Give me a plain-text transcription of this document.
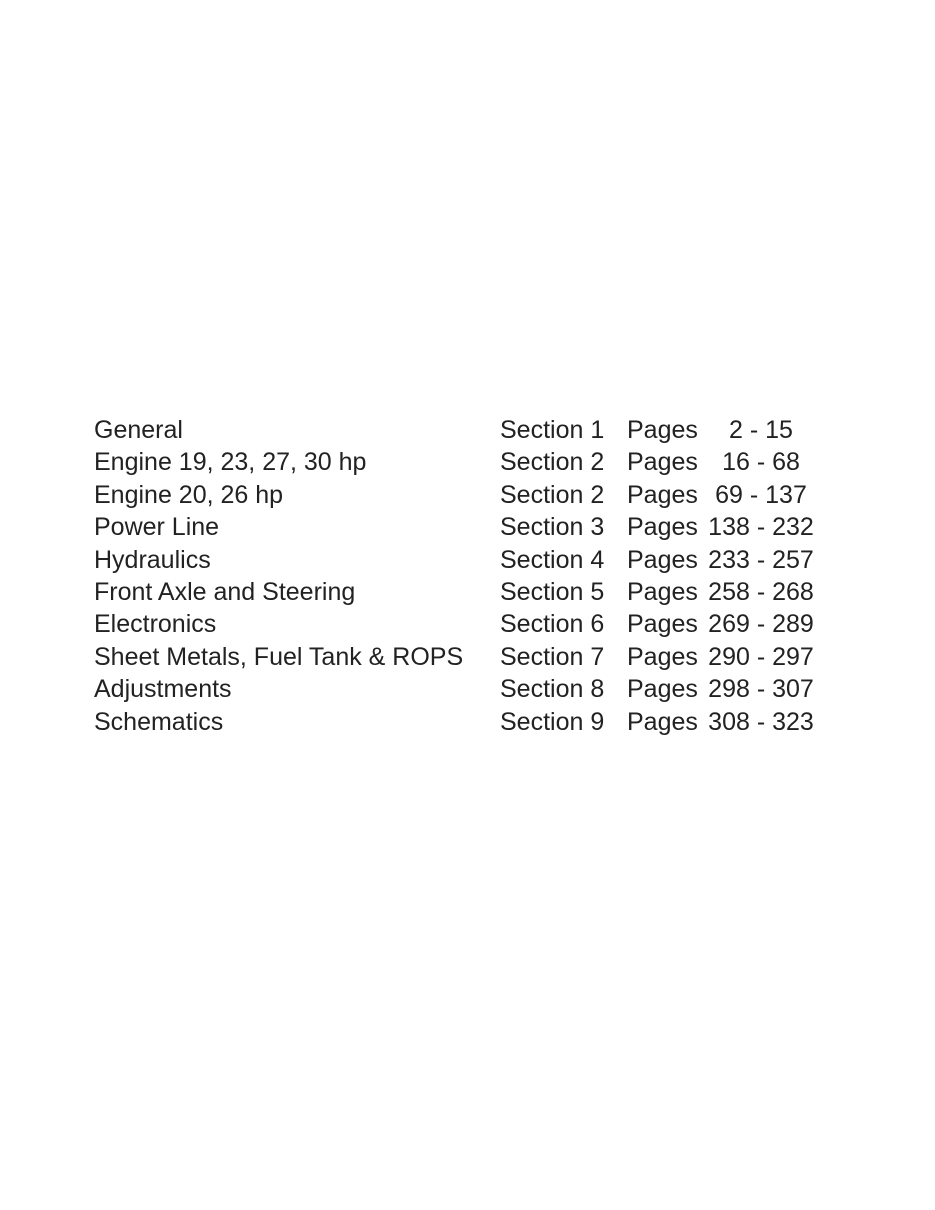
General	Section 1 Pages	2 - 15
Engine 19, 23, 27, 30 hp	Section 2 Pages 16 - 68
Engine 20, 26 hp	Section 2 Pages 69 - 137
Power Line	Section 3 Pages 138 - 232
Hydraulics	Section 4 Pages 233 - 257
Front Axle and Steering	Section 5 Pages 258 - 268
Electronics	Section 6 Pages 269 - 289
Sheet Metals, Fuel Tank & ROPS	Section 7 Pages 290 - 297
Adjustments	Section 8 Pages 298 - 307
Schematics	Section 9 Pages 308 - 323
